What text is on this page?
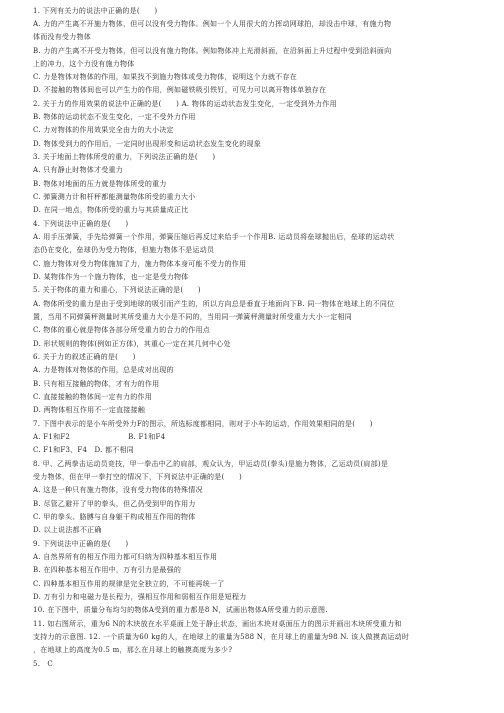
1. 下列有关力的说法中正确的是(　　)
A. 力的产生离不开施力物体，但可以没有受力物体。例如一个人用很大的力挥动网球拍，却没击中球，有施力物
体而没有受力物体
B. 力的产生离不开受力物体，但可以没有施力物体。例如物体冲上光滑斜面，在沿斜面上升过程中受到沿斜面向
上的冲力，这个力没有施力物体
C. 力是物体对物体的作用，如果找不到施力物体或受力物体，说明这个力就不存在
D. 不接触的物体间也可以产生力的作用，例如磁铁吸引铁钉，可见力可以离开物体单独存在
2. 关于力的作用效果的说法中正确的是(　　) A. 物体的运动状态发生变化，一定受到外力作用
B. 物体的运动状态不发生变化，一定不受外力作用
C. 力对物体的作用效果完全由力的大小决定
D. 物体受到力的作用后，一定同时出现形变和运动状态发生变化的现象
3. 关于地面上物体所受的重力，下列说法正确的是(　　)
A. 只有静止时物体才受重力
B. 物体对地面的压力就是物体所受的重力
C. 弹簧测力计和杆秤都能测量物体所受的重力大小
D. 在同一地点，物体所受的重力与其质量成正比
4. 下列说法中正确的是(　　)
A. 用手压弹簧，手先给弹簧一个作用，弹簧压缩后再反过来给手一个作用B. 运动员将垒球抛出后，垒球的运动状
态仍在变化，垒球仍为受力物体，但施力物体不是运动员
C. 施力物体对受力物体施加了力，施力物体本身可能不受力的作用
D. 某物体作为一个施力物体，也一定是受力物体
5. 关于物体的重力和重心，下列说法正确的是(　　)
A. 物体所受的重力是由于受到地球的吸引而产生的，所以方向总是垂直于地面向下B. 同一物体在地球上的不同位
置，当用不同弹簧秤测量时其所受重力大小是不同的，当用同一弹簧秤测量时所受重力大小一定相同
C. 物体的重心就是物体各部分所受重力的合力的作用点
D. 形状规则的物体(例如正方体)，其重心一定在其几何中心处
6. 关于力的叙述正确的是(　　)
A. 力是物体对物体的作用，总是成对出现的
B. 只有相互接触的物体，才有力的作用
C. 直接接触的物体间一定有力的作用
D. 两物体相互作用不一定直接接触
7. 下图中表示的是小车所受外力F的图示，所选标度都相同，则对于小车的运动，作用效果相同的是(　　)
A. F1和F2　　　　　　　　B. F1和F4
C. F1和F3、F4　D. 都不相同
8. 甲、乙两拳击运动员竞技，甲一拳击中乙的肩部，观众认为，甲运动员(拳头)是施力物体，乙运动员(肩部)是
受力物体，但在甲一拳打空的情况下，下列说法中正确的是(　　)
A. 这是一种只有施力物体，没有受力物体的特殊情况
B. 尽管乙避开了甲的拳头，但乙仍受到甲的作用力
C. 甲的拳头、胳膊与自身躯干构成相互作用的物体
D. 以上说法都不正确
9. 下列说法中正确的是(　　)
A. 自然界所有的相互作用力都可归纳为四种基本相互作用
B. 在四种基本相互作用中，万有引力是最强的
C. 四种基本相互作用的规律是完全独立的，不可能再统一了
D. 万有引力和电磁力是长程力，强相互作用和弱相互作用是短程力
10. 在下图中，质量分布均匀的物体A受到的重力都是8 N，试画出物体A所受重力的示意图.
11. 如右图所示，重为6 N的木块放在水平桌面上处于静止状态，画出木块对桌面压力的图示并画出木块所受重力和
支持力的示意图. 12. 一个质量为60 kg的人，在地球上的重量为588 N，在月球上的重量为98 N. 该人做摸高运动时
，在地球上的高度为0.5 m，那么在月球上的触摸高度为多少?
5.　C
